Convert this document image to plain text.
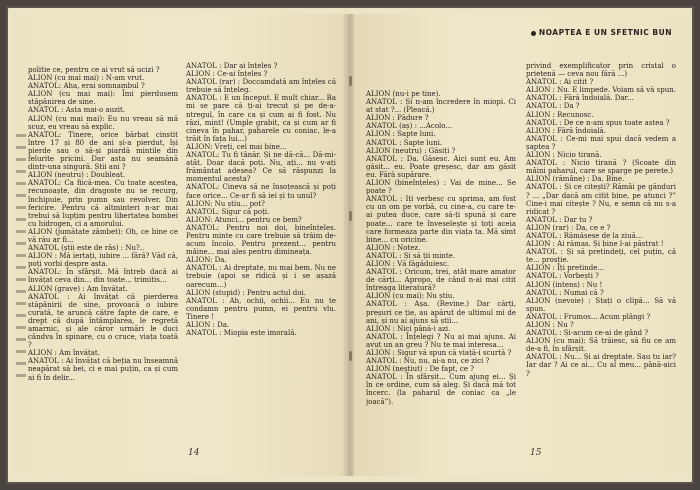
politie ce, pentru ce ai vrut să ucizi ?

ALION (cu mai mai) : N-am vrut.

ANATOL: Aha, erai somnambul ?

ALION (cu mai mai): Îmi pierdusem stăpânirea de sine.

ANATOL : Asta mai-o auzit.

ALION (cu mai mai): Eu nu vreau să mă scuz, eu vreau să explic.

ANATOL: Tinere, orice bărbat cinstit între 17 și 80 de ani și-a pierdut, își pierde sau o să-și piardă mintile din felurite pricini. Dar asta nu seamănă dintr-una singură. Știi ani ?

ALION (neutru) : Doubleat.

ANATOL: Ca fiică-mea. Cu toate acestea, recunoaște, din dragoste nu se recurg, închipuie, prin pumn sau revolver. Din fericire. Pentru că altminteri n-ar mai trebui să lupțim pentru libertatea bombei cu hidrogen, ci a amorului.

ALION (jumătate zâmbet): Oh, ce bine ce vă rău ar fi...

ANATOL (știi este de râs) : Nu?..

ALION : Mă iertați, iubire ... fără? Văd că, poți vorbi despre asta.

ANATOL: În sfârșit. Mă întreb dacă ai învățat ceva din... din toate... trimitis...

ALION (grave) : Am învățat.

ANATOL : Ai învățat că pierderea stăpânirii de sine, provoacă o iubire curată, te aruncă către fapte de care, e drept că după întâmplarea, le regretă amarnic, și ale căror urmări le duci cândva în spinare, cu o cruce, viața toată ?

ALION : Am învățat.

ANATOL : Ai învățat că beția nu înseamnă neapărat să bei, ci e mai puțin, ca și cum ai fi în delir...

ANATOL : Dar ai înțeles ?

ALION : Ce-ai înțeles ?

ANATOL (rar) : Doccamdată am înțeles că trebuie să înțeleg.

ANATOL : E un început. E mult chiar... Ba mi se pare că ți-ai trecut și pe de-a-ntregul, în care ca și cum ai fi fost. Nu râzi, mint! (Umple grabit, ca și cum ar fi cineva în pahar, paharele cu coniac, le-a trăit în fața lui...)

ALION: Vreți, cel mai bine...

ANATOL: Tu fi tânăr. Și ne dă-că... Dă-mi-atât. Doar dacă poți. Nu, ați... nu v-ați frământat adesea? Ce să răspunzi la momentul acesta?

ANATOL: Cineva să ne însoțească și poți face orice... Ce-ar fi să iei și tu unul?

ALION: Nu știu... pot?

ANATOL: Sigur că poți.

ALION: Atunci... pentru ce bem?

ANATOL: Pentru noi doi, bineînțeles. Pentru minte cu care trebuie să trăim de-acum încolo. Pentru prezent... pentru mâine... mai ales pentru dimineața.

ALION: Da.

ANATOL : Ai dreptate, nu mai bem. Nu ne trebuie (apoi se ridică și i se așază oarecum...)

ALION (stupid) : Pentru actul doi.

ANATOL : Ah, ochii, ochii... Eu nu te condamn pentru pumn, ei pentru vlu. Tinere !

ALION : Da.

ANATOL : Miopia este imorală.

14
NOAPTEA E UN SFETNIC BUN

ALION (nu-i pe tine).

ANATOL : Și n-am încredere în miopi. Ci at stat ?... (Pleacă.)

ALION : Pădure ?

ANATOL (aș) : ...Acolo...

ALION : Sapte luni.

ANATOL : Sapte luni.

ALION (neutru) : Găsiți ?

ANATOL : Da. Găsesc. Aici sunt eu. Am găsit... eu. Poate greșesc, dar am găsit eu. Fără supărare.

ALION (bineînțeles) : Vai de mine... Se poate ?

ANATOL : Iți verbesc cu sprima, am fost cu un om pe vorbă, cu cine-a, cu care te-ai putea duce, care să-ți spună și care poate... care te înveselește și toți aceia care formeaza parte din viața ta. Mă simt bine... cu oricine.

ALION : Notez.

ANATOL : Și să ții minte.

ALION : Vă făgăduiesc.

ANATOL : Oricum, trei, atât mare amator de cărți... Apropo, de când n-ai mai citit întreaga literatură?

ALION (cu mai): Nu știu.

ANATOL : Așa. (Revine.) Dar cărți, preșuri ce ție, au apărut de ultimul mi de ani, și nu ai ajuns să știi...

ALION : Nici până-i azi.

ANATOL : Înțelegi ? Nu ai mai ajuns. Ai avut un an greu ? Nu te mai interesa...

ALION : Sigur vă spun că viață-i scurtă ?

ANATOL : Nu, nu, ai-a nu, ce zici ?

ALION (neștiut) : De fapt, ce ?

ANATOL : În sfârșit... Cum ajung ei... Și în ce ordine, cum să aleg. Și dacă mă tot încerc. (la paharul de coniac ca „le joacă”).

privind exemplificator prin cristal o prietenă — ceva nou fără ...)

ANATOL : Ai citit ?

ALION : Nu. E limpede. Voiam să vă spun.

ANATOL : Fără îndoială. Dar...

ANATOL : Da ?

ALION : Recunosc.

ANATOL : De ce n-am spus toate astea ?

ALION : Fără îndoială.

ANATOL : Ce-mi mai spui dacă vedem a șaptea ?

ALION : Nicio tirană.

ANATOL : Nicio tirană ? (Scoate din mâini paharul, care se sparge pe perete.)

ALION (rămâne) : Da. Bine.

ANATOL : Și ce citești? Rămâi pe gânduri ? ... „Dar dacă am citit bine, pe atunci ?” Cine-i mai citește ? Nu, e semn că nu s-a ridicat ?

ANATOL : Dar tu ?

ALION (rar) : Da, ce e ?

ANATOL : Rămăsese de la ziuă...

ALION : Ai rămas. Și bine l-ai păstrat !

ANATOL : Și să pretindeți, cel puțin, că te... prostie.

ALION : Îți pretinde...

ANATOL : Vorbești ?

ALION (intens) : Nu !

ANATOL : Numai că ?

ALION (nevoie) : Stați o clipă... Să vă spun.

ANATOL : Frumos... Acum plângi ?

ALION : Nu ?

ANATOL : Și-acum ce-ai de gând ?

ALION (cu mai): Să trăiesc, să fiu ce am de-a fi, în sfârșit.

ANATOL : Nu... Și ai dreptate. Sau tu iar? Iar dar ? Ai ce ai... Cu al meu... până-aici ?

15
